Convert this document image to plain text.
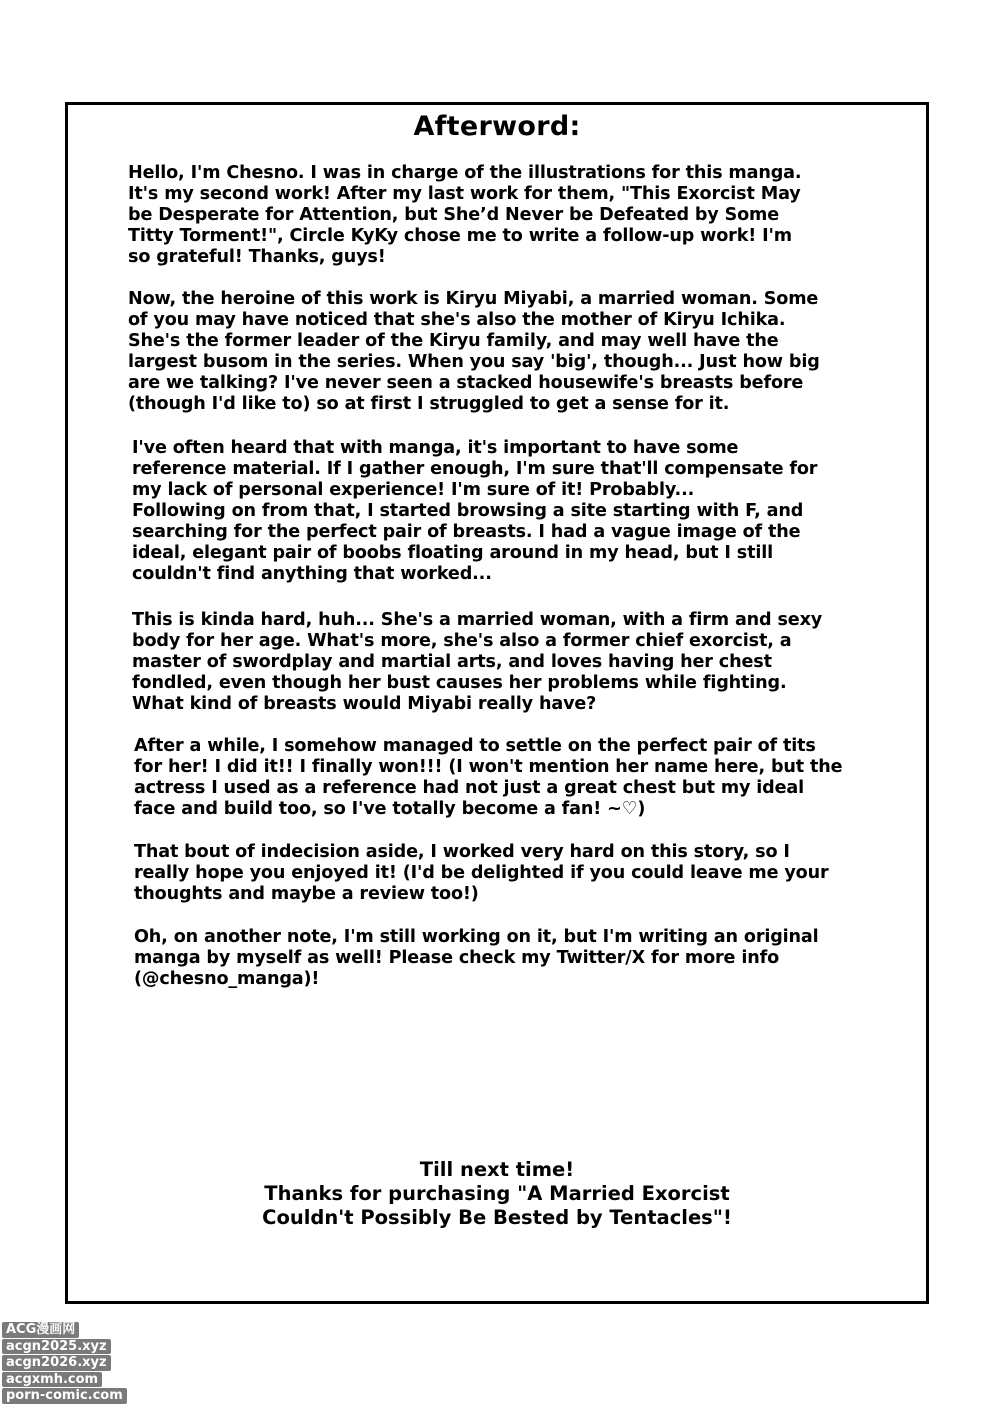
Afterword:
Hello, I'm Chesno. I was in charge of the illustrations for this manga.
It's my second work! After my last work for them, "This Exorcist May
be Desperate for Attention, but She’d Never be Defeated by Some
Titty Torment!", Circle KyKy chose me to write a follow-up work! I'm
so grateful! Thanks, guys!
Now, the heroine of this work is Kiryu Miyabi, a married woman. Some
of you may have noticed that she's also the mother of Kiryu Ichika.
She's the former leader of the Kiryu family, and may well have the
largest busom in the series. When you say 'big', though... Just how big
are we talking? I've never seen a stacked housewife's breasts before
(though I'd like to) so at first I struggled to get a sense for it.
I've often heard that with manga, it's important to have some
reference material. If I gather enough, I'm sure that'll compensate for
my lack of personal experience! I'm sure of it! Probably...
Following on from that, I started browsing a site starting with F, and
searching for the perfect pair of breasts. I had a vague image of the
ideal, elegant pair of boobs floating around in my head, but I still
couldn't find anything that worked...
This is kinda hard, huh... She's a married woman, with a firm and sexy
body for her age. What's more, she's also a former chief exorcist, a
master of swordplay and martial arts, and loves having her chest
fondled, even though her bust causes her problems while fighting.
What kind of breasts would Miyabi really have?
After a while, I somehow managed to settle on the perfect pair of tits
for her! I did it!! I finally won!!! (I won't mention her name here, but the
actress I used as a reference had not just a great chest but my ideal
face and build too, so I've totally become a fan! ~♡)
That bout of indecision aside, I worked very hard on this story, so I
really hope you enjoyed it! (I'd be delighted if you could leave me your
thoughts and maybe a review too!)
Oh, on another note, I'm still working on it, but I'm writing an original
manga by myself as well! Please check my Twitter/X for more info
(@chesno_manga)!
Till next time!
Thanks for purchasing "A Married Exorcist
Couldn't Possibly Be Bested by Tentacles"!
ACG漫画网
acgn2025.xyz
acgn2026.xyz
acgxmh.com
porn-comic.com
